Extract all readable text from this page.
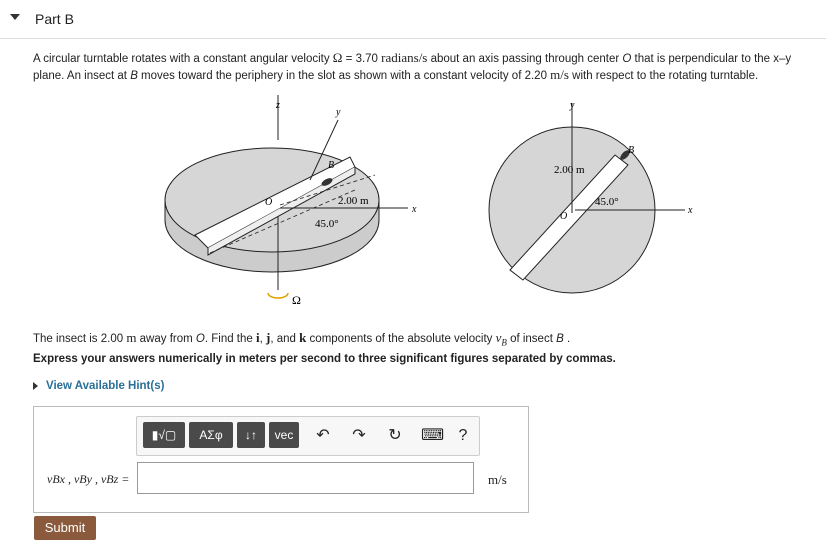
Part B
A circular turntable rotates with a constant angular velocity Ω = 3.70 radians/s about an axis passing through center O that is perpendicular to the x–y plane. An insect at B moves toward the periphery in the slot as shown with a constant velocity of 2.20 m/s with respect to the rotating turntable.
z
y
x
B
O	2.00 m
45.0°
Ω
y
x
B
O
2.00 m
45.0°
The insect is 2.00 m away from O. Find the i, j, and k components of the absolute velocity $v_B$ of insect B .
Express your answers numerically in meters per second to three significant figures separated by commas.
View Available Hint(s)
▮√▢	ΑΣφ	↓↑	vec	↶ ↷ ↻ ⌨ ?
vBx , vBy , vBz =	m/s
Submit
